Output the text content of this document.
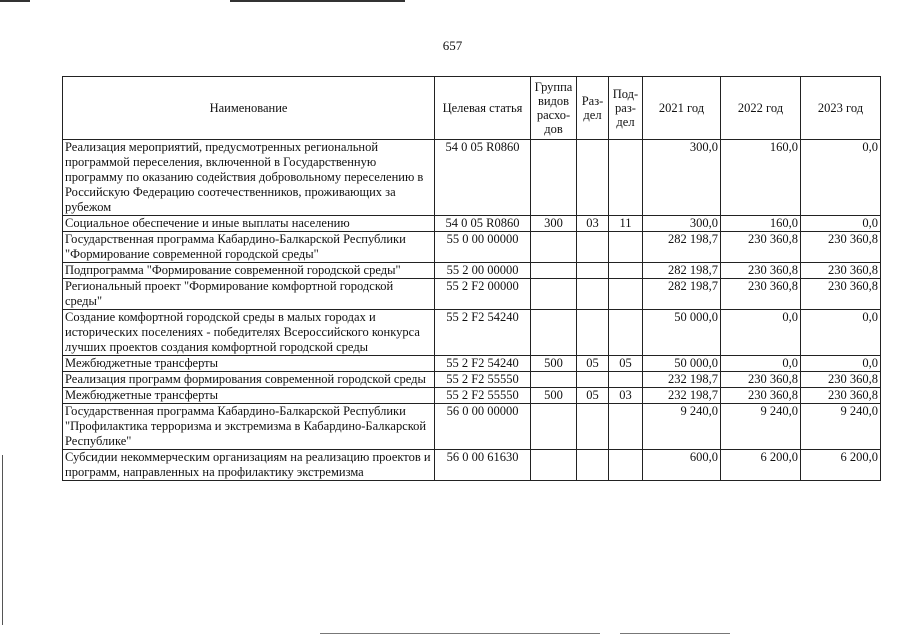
657
Наименование	Целевая статья	Группа видов расхо-дов	Раз-дел	Под-раз-дел	2021 год	2022 год	2023 год
Реализация мероприятий, предусмотренных региональной программой переселения, включенной в Государственную программу по оказанию содействия добровольному переселению в Российскую Федерацию соотечественников, проживающих за рубежом	54 0 05 R0860				300,0	160,0	0,0
Социальное обеспечение и иные выплаты населению	54 0 05 R0860	300	03	11	300,0	160,0	0,0
Государственная программа Кабардино-Балкарской Республики "Формирование современной городской среды"	55 0 00 00000				282 198,7	230 360,8	230 360,8
Подпрограмма "Формирование современной городской среды"	55 2 00 00000				282 198,7	230 360,8	230 360,8
Региональный проект "Формирование комфортной городской среды"	55 2 F2 00000				282 198,7	230 360,8	230 360,8
Создание комфортной городской среды в малых городах и исторических поселениях - победителях Всероссийского конкурса лучших проектов создания комфортной городской среды	55 2 F2 54240				50 000,0	0,0	0,0
Межбюджетные трансферты	55 2 F2 54240	500	05	05	50 000,0	0,0	0,0
Реализация программ формирования современной городской среды	55 2 F2 55550				232 198,7	230 360,8	230 360,8
Межбюджетные трансферты	55 2 F2 55550	500	05	03	232 198,7	230 360,8	230 360,8
Государственная программа Кабардино-Балкарской Республики "Профилактика терроризма и экстремизма в Кабардино-Балкарской Республике"	56 0 00 00000				9 240,0	9 240,0	9 240,0
Субсидии некоммерческим организациям на реализацию проектов и программ, направленных на профилактику экстремизма	56 0 00 61630				600,0	6 200,0	6 200,0
